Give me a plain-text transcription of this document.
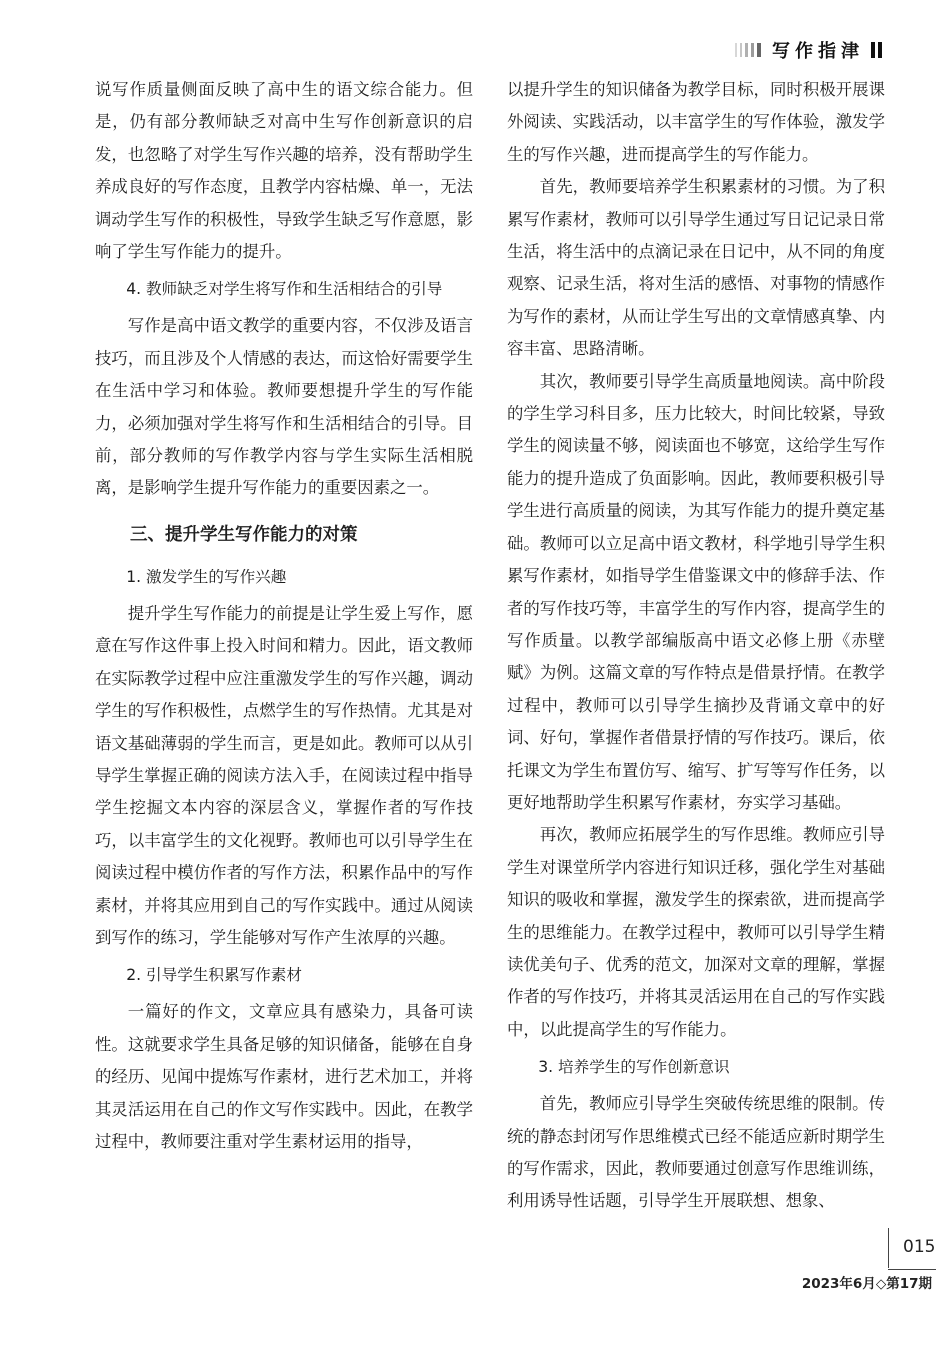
写作指津

说写作质量侧面反映了高中生的语文综合能力。但是，仍有部分教师缺乏对高中生写作创新意识的启发，也忽略了对学生写作兴趣的培养，没有帮助学生养成良好的写作态度，且教学内容枯燥、单一，无法调动学生写作的积极性，导致学生缺乏写作意愿，影响了学生写作能力的提升。

4. 教师缺乏对学生将写作和生活相结合的引导

写作是高中语文教学的重要内容，不仅涉及语言技巧，而且涉及个人情感的表达，而这恰好需要学生在生活中学习和体验。教师要想提升学生的写作能力，必须加强对学生将写作和生活相结合的引导。目前，部分教师的写作教学内容与学生实际生活相脱离，是影响学生提升写作能力的重要因素之一。

三、提升学生写作能力的对策
1. 激发学生的写作兴趣

提升学生写作能力的前提是让学生爱上写作，愿意在写作这件事上投入时间和精力。因此，语文教师在实际教学过程中应注重激发学生的写作兴趣，调动学生的写作积极性，点燃学生的写作热情。尤其是对语文基础薄弱的学生而言，更是如此。教师可以从引导学生掌握正确的阅读方法入手，在阅读过程中指导学生挖掘文本内容的深层含义，掌握作者的写作技巧，以丰富学生的文化视野。教师也可以引导学生在阅读过程中模仿作者的写作方法，积累作品中的写作素材，并将其应用到自己的写作实践中。通过从阅读到写作的练习，学生能够对写作产生浓厚的兴趣。

2. 引导学生积累写作素材

一篇好的作文，文章应具有感染力，具备可读性。这就要求学生具备足够的知识储备，能够在自身的经历、见闻中提炼写作素材，进行艺术加工，并将其灵活运用在自己的作文写作实践中。因此，在教学过程中，教师要注重对学生素材运用的指导，

以提升学生的知识储备为教学目标，同时积极开展课外阅读、实践活动，以丰富学生的写作体验，激发学生的写作兴趣，进而提高学生的写作能力。

首先，教师要培养学生积累素材的习惯。为了积累写作素材，教师可以引导学生通过写日记记录日常生活，将生活中的点滴记录在日记中，从不同的角度观察、记录生活，将对生活的感悟、对事物的情感作为写作的素材，从而让学生写出的文章情感真挚、内容丰富、思路清晰。

其次，教师要引导学生高质量地阅读。高中阶段的学生学习科目多，压力比较大，时间比较紧，导致学生的阅读量不够，阅读面也不够宽，这给学生写作能力的提升造成了负面影响。因此，教师要积极引导学生进行高质量的阅读，为其写作能力的提升奠定基础。教师可以立足高中语文教材，科学地引导学生积累写作素材，如指导学生借鉴课文中的修辞手法、作者的写作技巧等，丰富学生的写作内容，提高学生的写作质量。以教学部编版高中语文必修上册《赤壁赋》为例。这篇文章的写作特点是借景抒情。在教学过程中，教师可以引导学生摘抄及背诵文章中的好词、好句，掌握作者借景抒情的写作技巧。课后，依托课文为学生布置仿写、缩写、扩写等写作任务，以更好地帮助学生积累写作素材，夯实学习基础。

再次，教师应拓展学生的写作思维。教师应引导学生对课堂所学内容进行知识迁移，强化学生对基础知识的吸收和掌握，激发学生的探索欲，进而提高学生的思维能力。在教学过程中，教师可以引导学生精读优美句子、优秀的范文，加深对文章的理解，掌握作者的写作技巧，并将其灵活运用在自己的写作实践中，以此提高学生的写作能力。

3. 培养学生的写作创新意识

首先，教师应引导学生突破传统思维的限制。传统的静态封闭写作思维模式已经不能适应新时期学生的写作需求，因此，教师要通过创意写作思维训练，利用诱导性话题，引导学生开展联想、想象、

015
2023年6月◇第17期
